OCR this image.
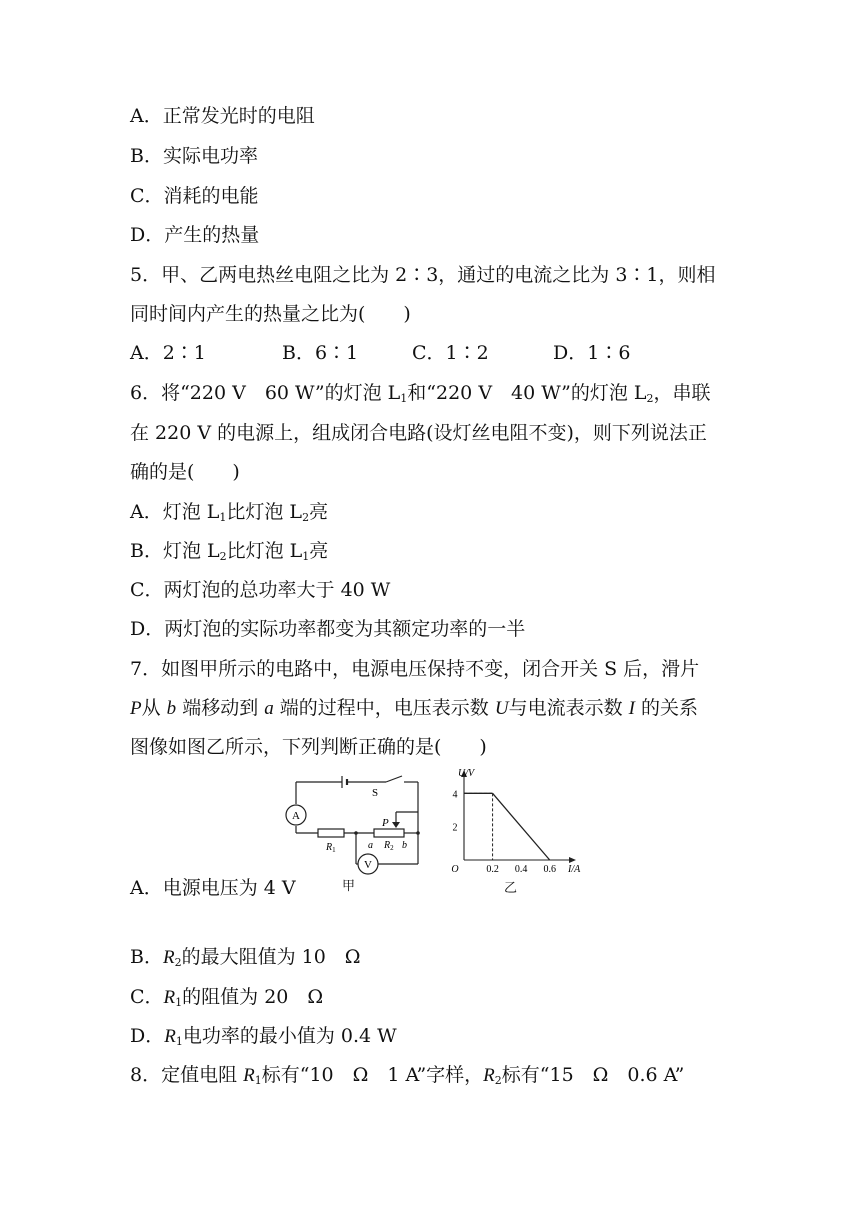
A．正常发光时的电阻
B．实际电功率
C．消耗的电能
D．产生的热量
5．甲、乙两电热丝电阻之比为 2∶3，通过的电流之比为 3∶1，则相
同时间内产生的热量之比为(　　)
A．2∶1	B．6∶1	C．1∶2	D．1∶6
6．将“220 V　60 W”的灯泡 $L_1$和“220 V　40 W”的灯泡 $L_2$，串联
在 220 V 的电源上，组成闭合电路(设灯丝电阻不变)，则下列说法正
确的是(　　)
A．灯泡 $L_1$比灯泡 $L_2$亮
B．灯泡 $L_2$比灯泡 $L_1$亮
C．两灯泡的总功率大于 40 W
D．两灯泡的实际功率都变为其额定功率的一半
7．如图甲所示的电路中，电源电压保持不变，闭合开关 S 后，滑片
P从 b 端移动到 a 端的过程中，电压表示数 U与电流表示数 I 的关系
图像如图乙所示，下列判断正确的是(　　)
A
V
S
P
$R_1$	a $R_2$ b
甲
2
4
0.2 0.4 0.6
O
U/V
I/A
乙
A．电源电压为 4 V
B．$R_2$的最大阻值为 10　Ω
C．$R_1$的阻值为 20　Ω
D．$R_1$电功率的最小值为 0.4 W
8．定值电阻 $R_1$标有“10　Ω　1 A”字样，$R_2$标有“15　Ω　0.6 A”
